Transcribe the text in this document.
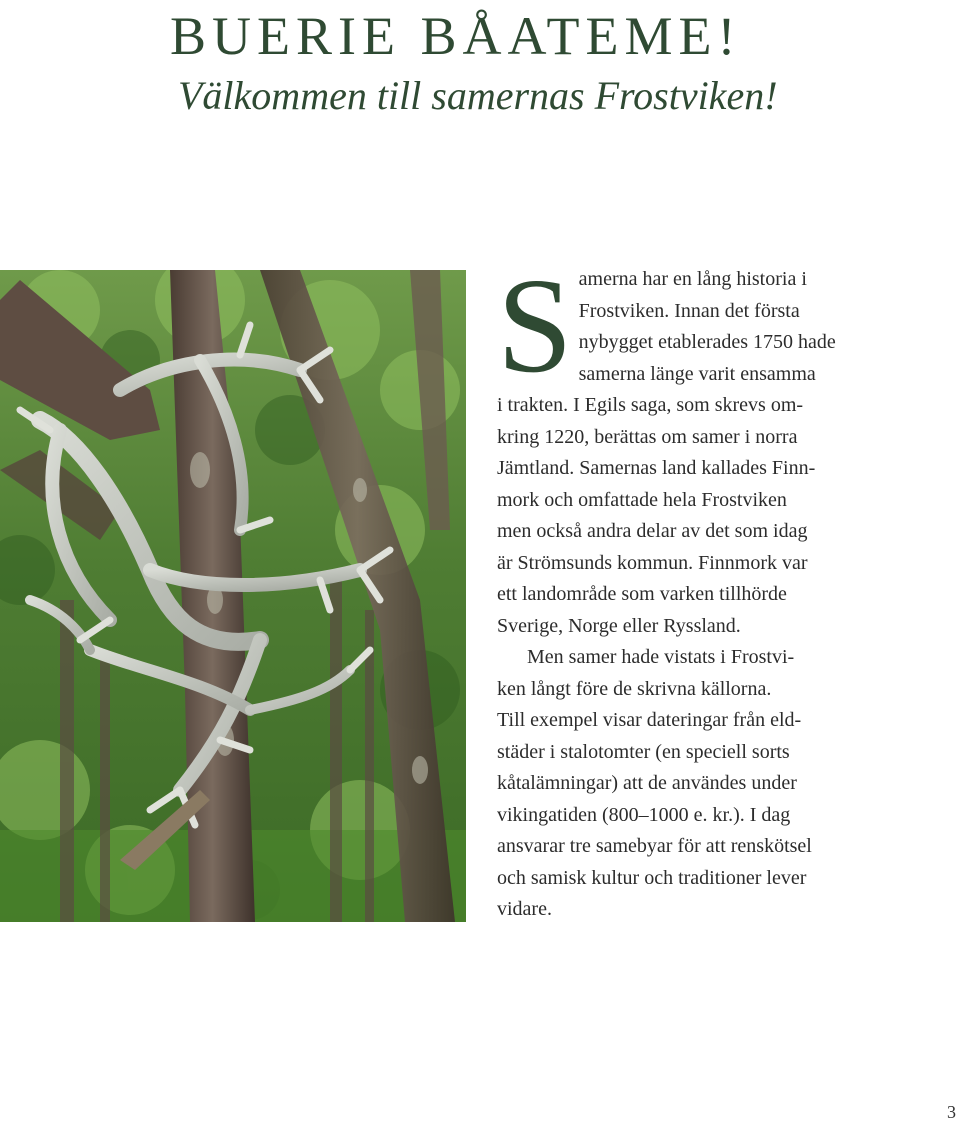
BUERIE BÅATEME!
Välkommen till samernas Frostviken!

S amerna har en lång historia i
Frostviken. Innan det första
nybygget etablerades 1750 hade
samerna länge varit ensamma
i trakten. I Egils saga, som skrevs om-
kring 1220, berättas om samer i norra
Jämtland. Samernas land kallades Finn-
mork och omfattade hela Frostviken
men också andra delar av det som idag
är Strömsunds kommun. Finnmork var
ett landområde som varken tillhörde
Sverige, Norge eller Ryssland.

Men samer hade vistats i Frostvi-
ken långt före de skrivna källorna.
Till exempel visar dateringar från eld-
städer i stalotomter (en speciell sorts
kåtalämningar) att de användes under
vikingatiden (800–1000 e. kr.). I dag
ansvarar tre samebyar för att renskötsel
och samisk kultur och traditioner lever
vidare.

3
